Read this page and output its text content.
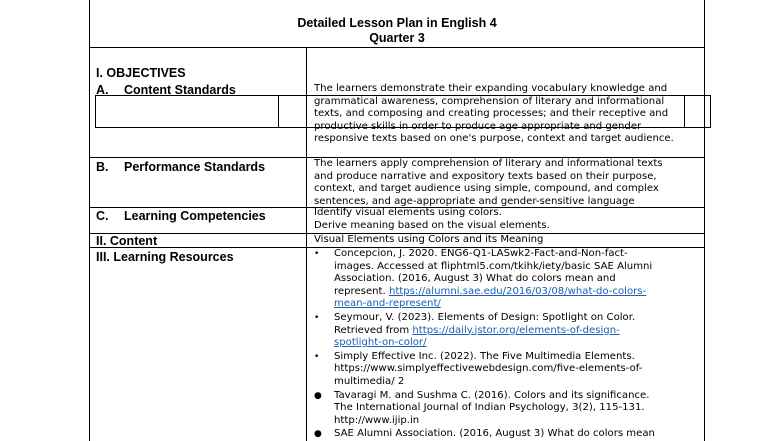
Detailed Lesson Plan in English 4
Quarter 3
I. OBJECTIVES
A. Content Standards	The learners demonstrate their expanding vocabulary knowledge and

grammatical awareness, comprehension of literary and informational

texts, and composing and creating processes; and their receptive and

productive skills in order to produce age appropriate and gender

responsive texts based on one's purpose, context and target audience.

B. Performance Standards	The learners apply comprehension of literary and informational texts

and produce narrative and expository texts based on their purpose,

context, and target audience using simple, compound, and complex

sentences, and age-appropriate and gender-sensitive language

C. Learning Competencies	Identify visual elements using colors.

Derive meaning based on the visual elements.

II. Content	Visual Elements using Colors and its Meaning
III. Learning Resources	•	Concepcion, J. 2020. ENG6-Q1-LASwk2-Fact-and-Non-fact-
images. Accessed at fliphtml5.com/tkihk/iety/basic SAE Alumni
Association. (2016, August 3) What do colors mean and
represent. https://alumni.sae.edu/2016/03/08/what-do-colors-
mean-and-represent/
•	Seymour, V. (2023). Elements of Design: Spotlight on Color.
Retrieved from https://daily.jstor.org/elements-of-design-
spotlight-on-color/
•	Simply Effective Inc. (2022). The Five Multimedia Elements.
https://www.simplyeffectivewebdesign.com/five-elements-of-
multimedia/ 2
●	Tavaragi M. and Sushma C. (2016). Colors and its significance.
The International Journal of Indian Psychology, 3(2), 115-131.
http://www.ijip.in
●	SAE Alumni Association. (2016, August 3) What do colors mean
